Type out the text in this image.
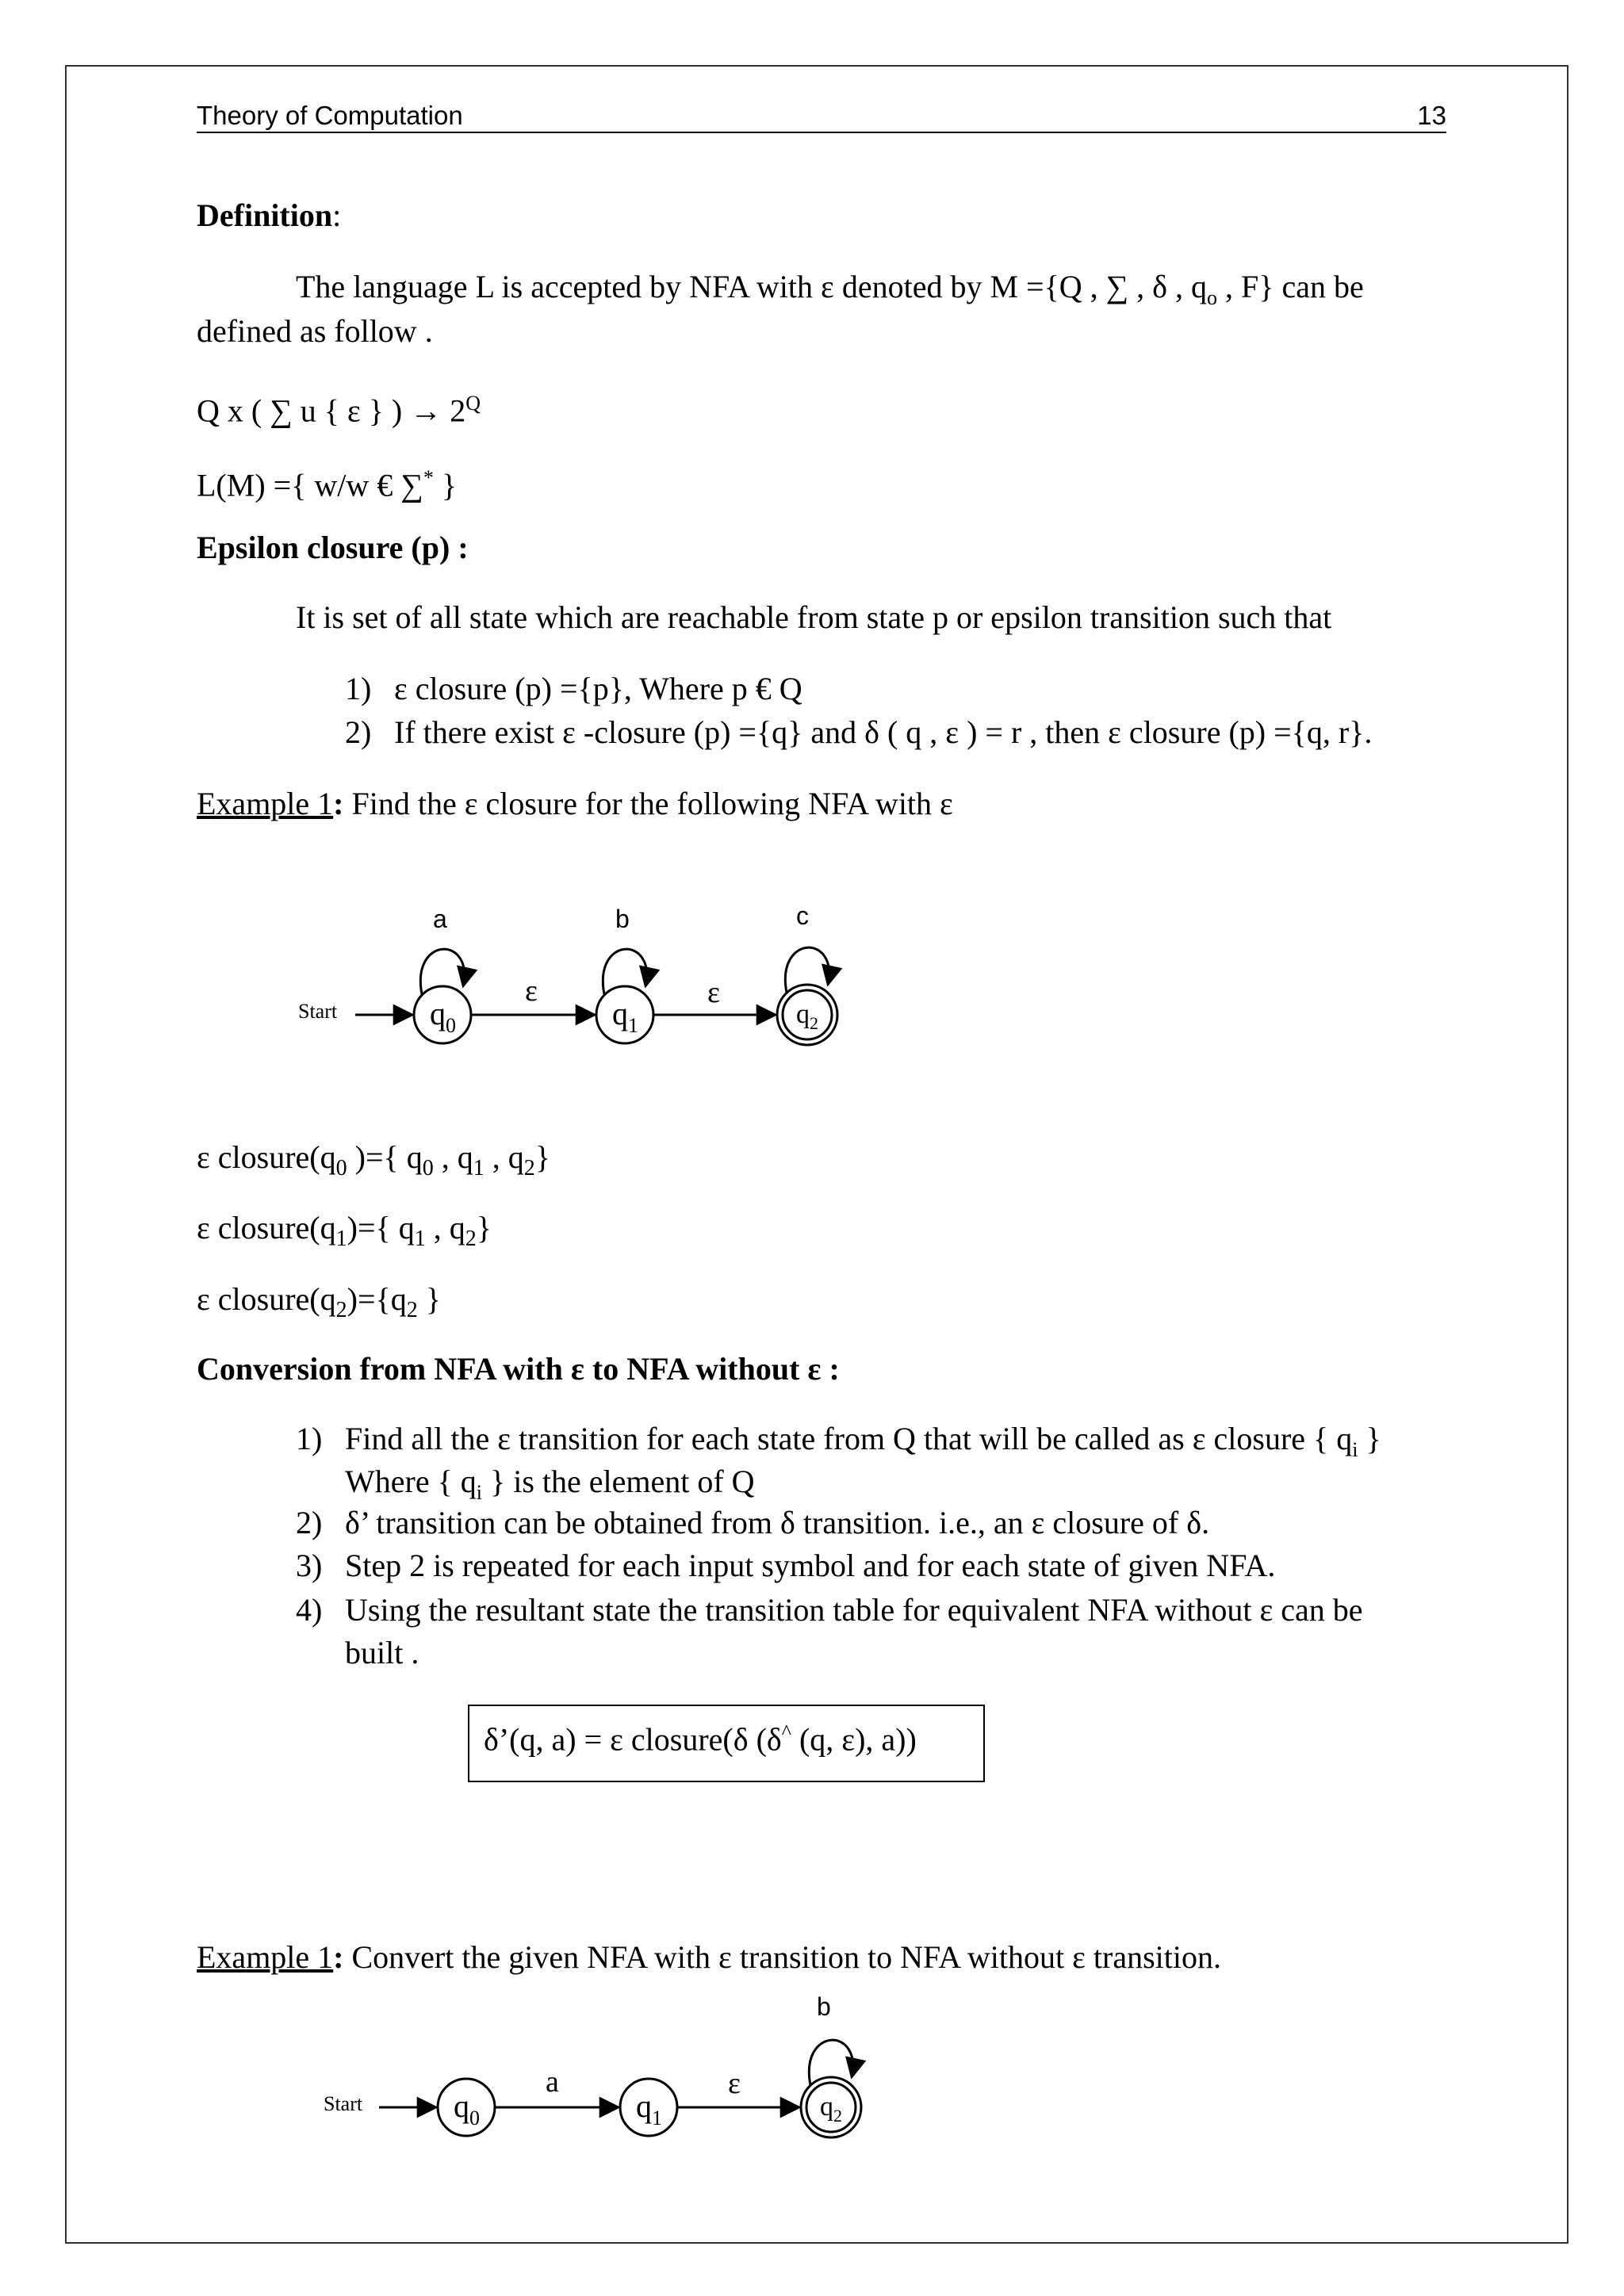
Theory of Computation	13
Definition:
The language L is accepted by NFA with ε denoted by M ={Q , ∑ , δ , $q_o$ , F} can be
defined as follow .
Q x ( ∑ u { ε } ) → $2^Q$
L(M) ={ w/w € ∑* }
Epsilon closure (p) :
It is set of all state which are reachable from state p or epsilon transition such that
1) ε closure (p) ={p}, Where p € Q
2) If there exist ε -closure (p) ={q} and δ ( q , ε ) = r , then ε closure (p) ={q, r}.
Example 1: Find the ε closure for the following NFA with ε
Start	$q_0$	$q_1$	$q_2$
ε	ε
a	b	c
ε $closure(q_0$ )={ $q_0$ , $q_1$ , $q_2$}
ε $closure(q_1)=${ $q_1$ , $q_2$}
ε $closure(q_2)=\{q_2$ }
Conversion from NFA with ε to NFA without ε :
1) Find all the ε transition for each state from Q that will be called as ε closure { $q_i$ }
Where { $q_i$ } is the element of Q
2) δ’ transition can be obtained from δ transition. i.e., an ε closure of δ.
3) Step 2 is repeated for each input symbol and for each state of given NFA.
4) Using the resultant state the transition table for equivalent NFA without ε can be
built .
δ’(q, a) = ε closure(δ (δ^ (q, ε), a))
Example 1: Convert the given NFA with ε transition to NFA without ε transition.
Start	$q_0$	$q_1$	$q_2$
a	ε
b
